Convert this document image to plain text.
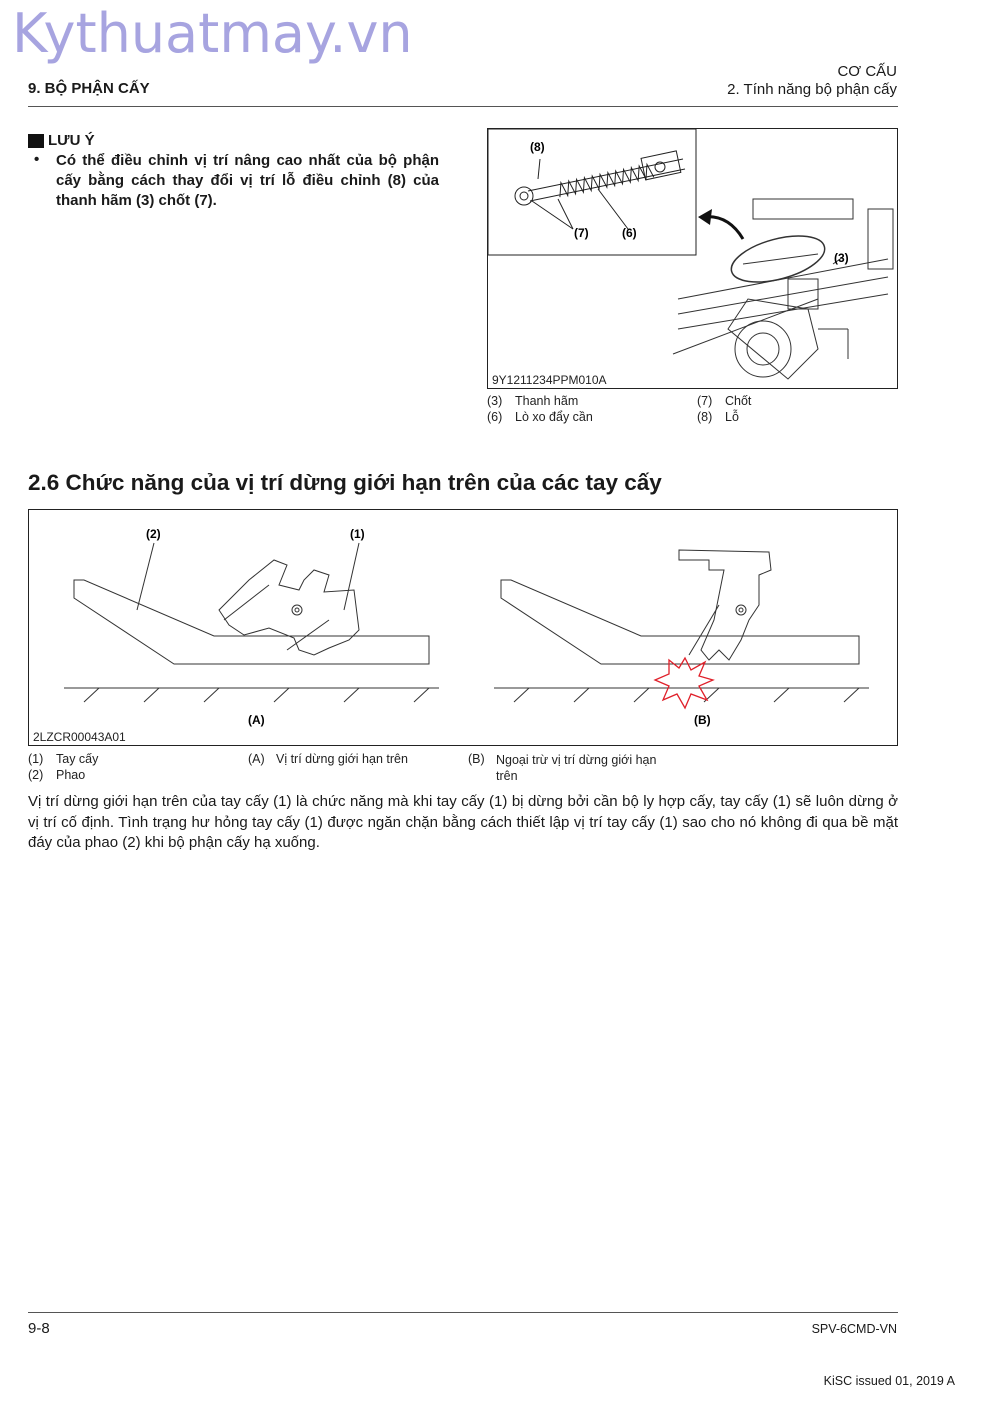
Kythuatmay.vn
9. BỘ PHẬN CẤY
CƠ CẤU
2. Tính năng bộ phận cấy
LƯU Ý
• Có thể điều chỉnh vị trí nâng cao nhất của bộ phận cấy bằng cách thay đổi vị trí lỗ điều chỉnh (8) của thanh hãm (3) chốt (7).
(8)
(7)	(6)
(3)
9Y1211234PPM010A
(3) Thanh hãm
(6) Lò xo đẩy cần
(7) Chốt
(8) Lỗ
2.6 Chức năng của vị trí dừng giới hạn trên của các tay cấy
(2)	(1)
(A)	(B)
2LZCR00043A01
(1) Tay cấy
(2) Phao
(A) Vị trí dừng giới hạn trên	(B) Ngoại trừ vị trí dừng giới hạn trên
Vị trí dừng giới hạn trên của tay cấy (1) là chức năng mà khi tay cấy (1) bị dừng bởi cần bộ ly hợp cấy, tay cấy (1) sẽ luôn dừng ở vị trí cố định. Tình trạng hư hỏng tay cấy (1) được ngăn chặn bằng cách thiết lập vị trí tay cấy (1) sao cho nó không đi qua bề mặt đáy của phao (2) khi bộ phận cấy hạ xuống.
9-8	SPV-6CMD-VN
KiSC issued 01, 2019 A
